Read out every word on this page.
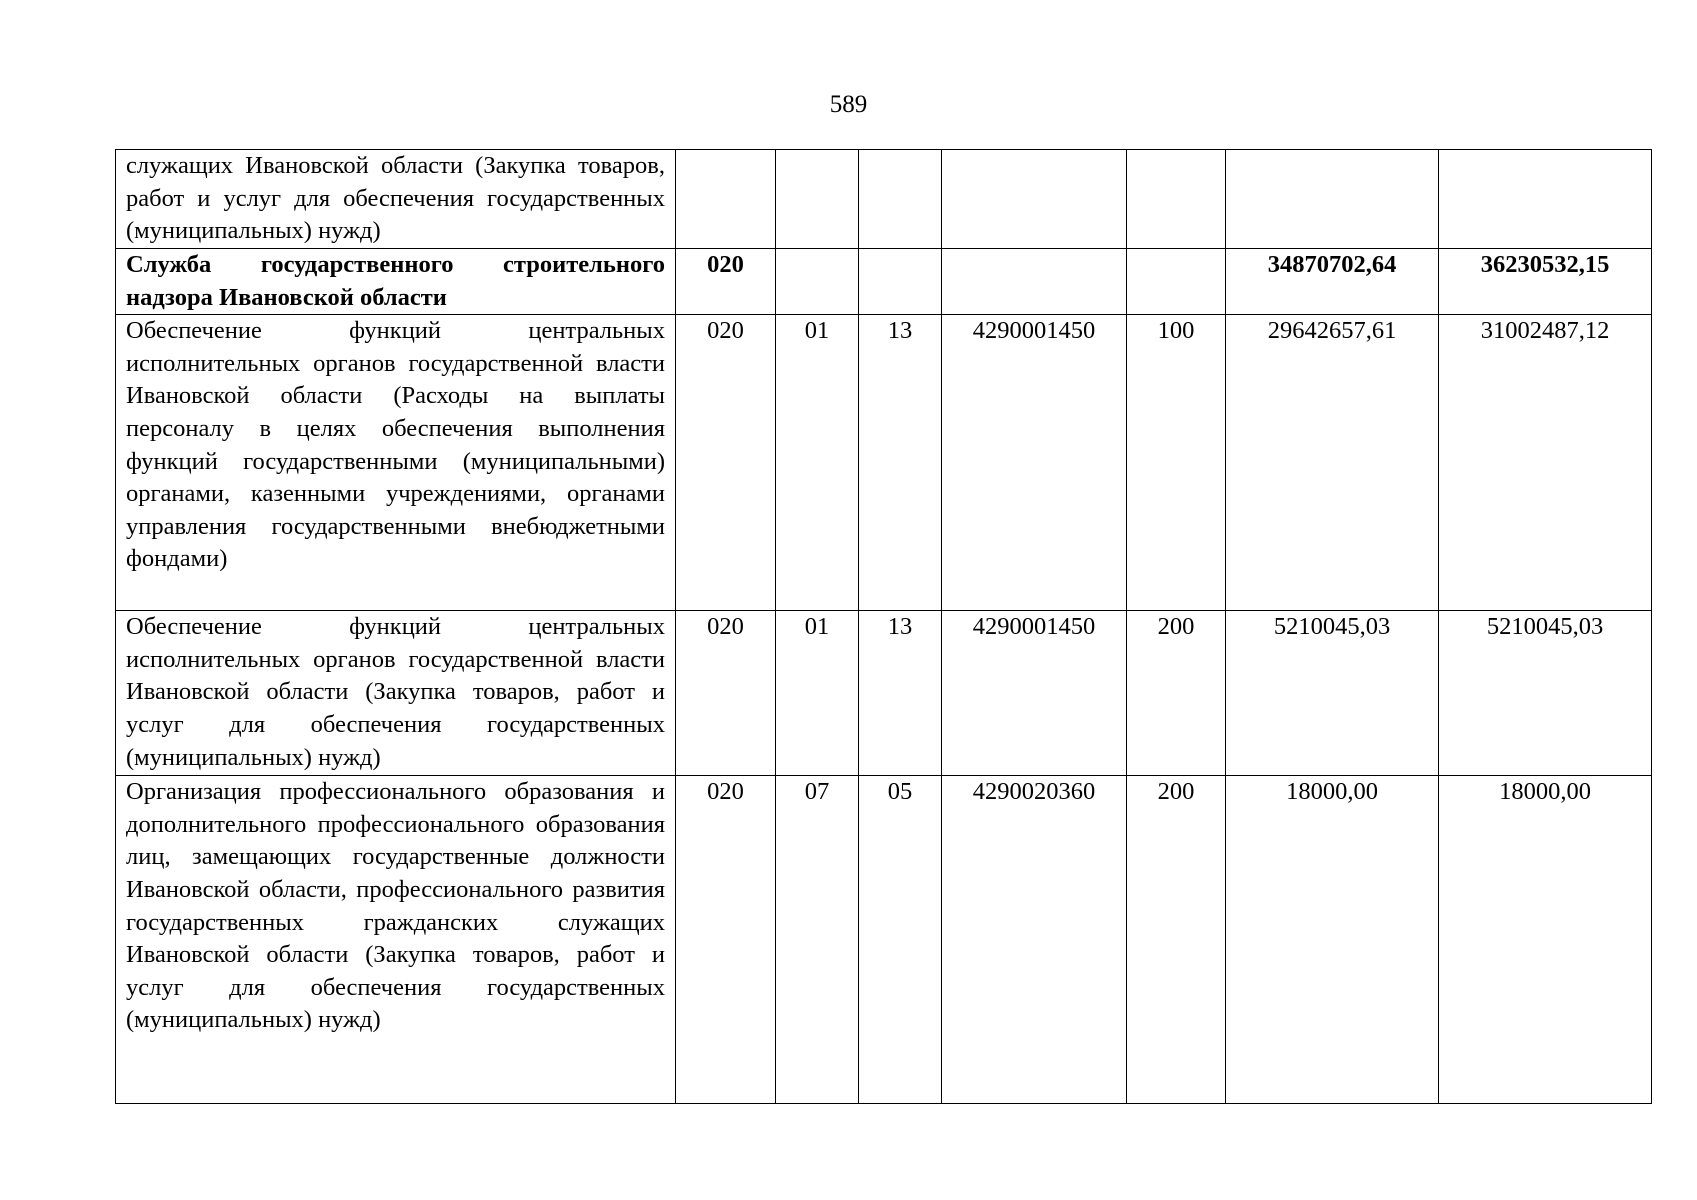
589
служащих Ивановской области (Закупка товаров, работ и услуг для обеспечения государственных (муниципальных) нужд)							
Служба государственного строительного надзора Ивановской области	020					34870702,64	36230532,15
Обеспечение функций центральных исполнительных органов государственной власти Ивановской области (Расходы на выплаты персоналу в целях обеспечения выполнения функций государственными (муниципальными) органами, казенными учреждениями, органами управления государственными внебюджетными фондами)	020	01	13	4290001450	100	29642657,61	31002487,12
Обеспечение функций центральных исполнительных органов государственной власти Ивановской области (Закупка товаров, работ и услуг для обеспечения государственных (муниципальных) нужд)	020	01	13	4290001450	200	5210045,03	5210045,03
Организация профессионального образования и дополнительного профессионального образования лиц, замещающих государственные должности Ивановской области, профессионального развития государственных гражданских служащих Ивановской области (Закупка товаров, работ и услуг для обеспечения государственных (муниципальных) нужд)	020	07	05	4290020360	200	18000,00	18000,00
